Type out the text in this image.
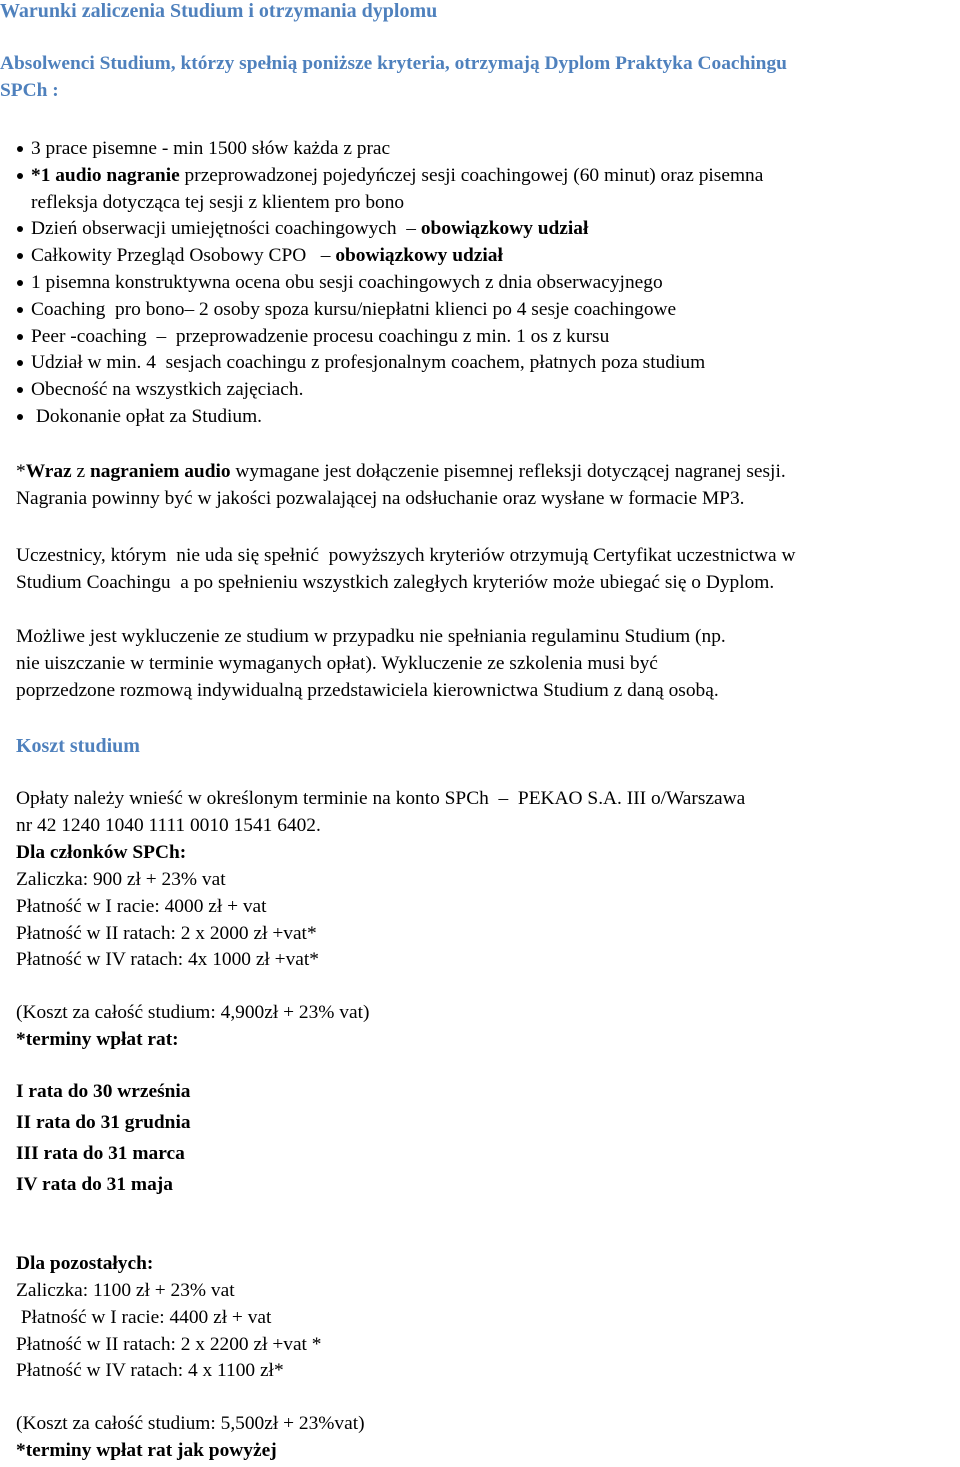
Warunki zaliczenia Studium i otrzymania dyplomu
Absolwenci Studium, którzy spełnią poniższe kryteria, otrzymają Dyplom Praktyka Coachingu
SPCh :
3 prace pisemne - min 1500 słów każda z prac
*1 audio nagranie przeprowadzonej pojedyńczej sesji coachingowej (60 minut) oraz pisemna
refleksja dotycząca tej sesji z klientem pro bono
Dzień obserwacji umiejętności coachingowych  – obowiązkowy udział
Całkowity Przegląd Osobowy CPO   – obowiązkowy udział
1 pisemna konstruktywna ocena obu sesji coachingowych z dnia obserwacyjnego
Coaching  pro bono– 2 osoby spoza kursu/niepłatni klienci po 4 sesje coachingowe
Peer -coaching  –  przeprowadzenie procesu coachingu z min. 1 os z kursu
Udział w min. 4  sesjach coachingu z profesjonalnym coachem, płatnych poza studium
Obecność na wszystkich zajęciach.
Dokonanie opłat za Studium.
*Wraz z nagraniem audio wymagane jest dołączenie pisemnej refleksji dotyczącej nagranej sesji.
Nagrania powinny być w jakości pozwalającej na odsłuchanie oraz wysłane w formacie MP3.
Uczestnicy, którym  nie uda się spełnić  powyższych kryteriów otrzymują Certyfikat uczestnictwa w
Studium Coachingu  a po spełnieniu wszystkich zaległych kryteriów może ubiegać się o Dyplom.
Możliwe jest wykluczenie ze studium w przypadku nie spełniania regulaminu Studium (np.
nie uiszczanie w terminie wymaganych opłat). Wykluczenie ze szkolenia musi być
poprzedzone rozmową indywidualną przedstawiciela kierownictwa Studium z daną osobą.
Koszt studium
Opłaty należy wnieść w określonym terminie na konto SPCh  –  PEKAO S.A. III o/Warszawa
nr 42 1240 1040 1111 0010 1541 6402.
Dla członków SPCh:
Zaliczka: 900 zł + 23% vat
Płatność w I racie: 4000 zł + vat
Płatność w II ratach: 2 x 2000 zł +vat*
Płatność w IV ratach: 4x 1000 zł +vat*
(Koszt za całość studium: 4,900zł + 23% vat)
*terminy wpłat rat:
I rata do 30 września
II rata do 31 grudnia
III rata do 31 marca
IV rata do 31 maja
Dla pozostałych:
Zaliczka: 1100 zł + 23% vat
Płatność w I racie: 4400 zł + vat
Płatność w II ratach: 2 x 2200 zł +vat *
Płatność w IV ratach: 4 x 1100 zł*
(Koszt za całość studium: 5,500zł + 23%vat)
*terminy wpłat rat jak powyżej
